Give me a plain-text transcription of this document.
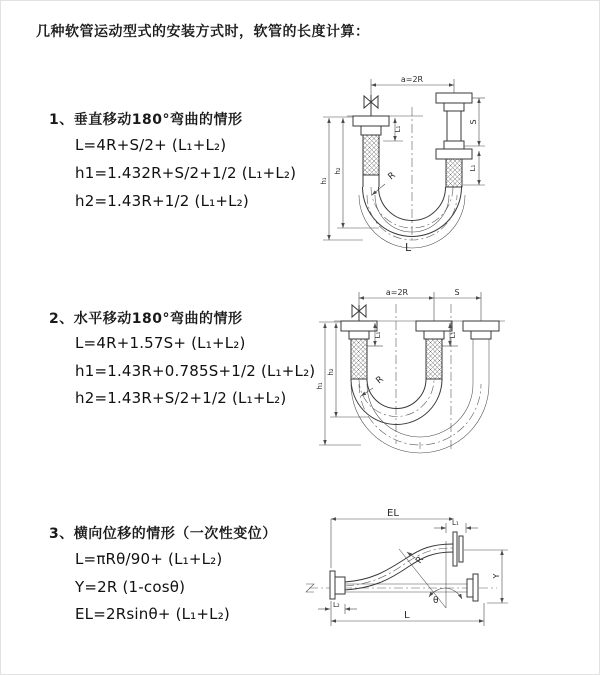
几种软管运动型式的安装方式时，软管的长度计算：
1、垂直移动180°弯曲的情形
L=4R+S/2+ (L₁+L₂)
h1=1.432R+S/2+1/2 (L₁+L₂)
h2=1.43R+1/2 (L₁+L₂)
2、水平移动180°弯曲的情形
L=4R+1.57S+ (L₁+L₂)
h1=1.43R+0.785S+1/2 (L₁+L₂)
h2=1.43R+S/2+1/2 (L₁+L₂)
3、横向位移的情形（一次性变位）
L=πRθ/90+ (L₁+L₂)
Y=2R (1-cosθ)
EL=2Rsinθ+ (L₁+L₂)
a=2R
L₁
S
L₁
R
h₁
h₂
L
a=2R	S
L₁	L₁
R
h₂
h₁
EL
L₁
Y
R
θ
L₂
L
